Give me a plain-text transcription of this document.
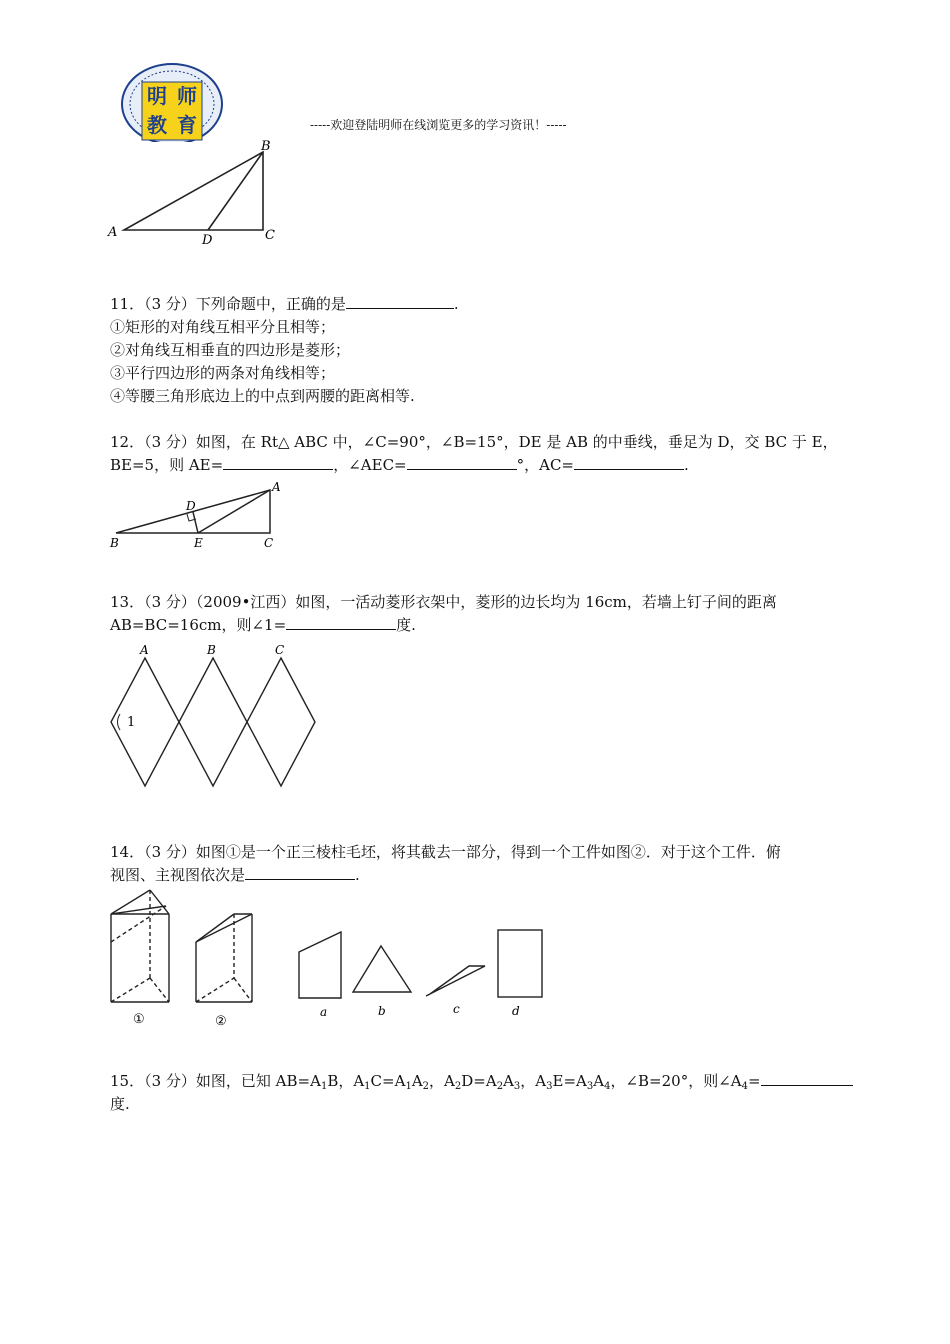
明 师
教 育	-----欢迎登陆明师在线浏览更多的学习资讯！-----
A
B
C
D
11．（3 分）下列命题中，正确的是	.
①矩形的对角线互相平分且相等；
②对角线互相垂直的四边形是菱形；
③平行四边形的两条对角线相等；
④等腰三角形底边上的中点到两腰的距离相等.
12．（3 分）如图，在 Rt△ ABC 中，∠C=90°，∠B=15°，DE 是 AB 的中垂线，垂足为 D，交 BC 于 E，
BE=5，则 AE=	，∠AEC=	°，AC=	.
A
B	C
D
E
13．（3 分）（2009•江西）如图，一活动菱形衣架中，菱形的边长均为 16cm，若墙上钉子间的距离
AB=BC=16cm，则∠1=	度.
1
A	B	C
14．（3 分）如图①是一个正三棱柱毛坯，将其截去一部分，得到一个工件如图②．对于这个工件．俯
视图、主视图依次是	.
①	②
a	b	c	d
15．（3 分）如图，已知 $AB=A_1B$，$A_1C=A_1A_2$，$A_2D=A_2A_3$，$A_3E=A_3A_4$，∠B=20°，则$\angle A_4=$
度.
